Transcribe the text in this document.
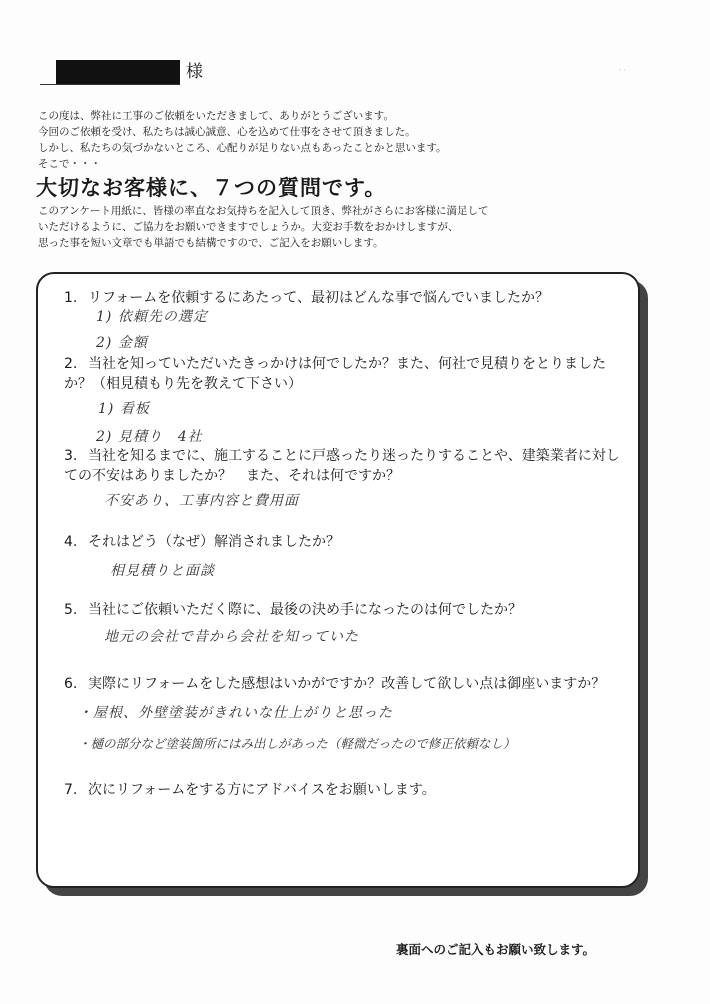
様	· ·
この度は、弊社に工事のご依頼をいただきまして、ありがとうございます。
今回のご依頼を受け、私たちは誠心誠意、心を込めて仕事をさせて頂きました。
しかし、私たちの気づかないところ、心配りが足りない点もあったことかと思います。
そこで・・・
大切なお客様に、７つの質問です。
このアンケート用紙に、皆様の率直なお気持ちを記入して頂き、弊社がさらにお客様に満足して
いただけるように、ご協力をお願いできますでしょうか。大変お手数をおかけしますが、
思った事を短い文章でも単語でも結構ですので、ご記入をお願いします。
1. リフォームを依頼するにあたって、最初はどんな事で悩んでいましたか？
1) 依頼先の選定
2) 金額
2. 当社を知っていただいたきっかけは何でしたか？また、何社で見積りをとりましたか？（相見積もり先を教えて下さい）
1) 看板
2) 見積り　4社
3. 当社を知るまでに、施工することに戸惑ったり迷ったりすることや、建築業者に対しての不安はありましたか？　また、それは何ですか？
不安あり、工事内容と費用面
4. それはどう（なぜ）解消されましたか？
相見積りと面談
5. 当社にご依頼いただく際に、最後の決め手になったのは何でしたか？
地元の会社で昔から会社を知っていた
6. 実際にリフォームをした感想はいかがですか？改善して欲しい点は御座いますか？
・屋根、外壁塗装がきれいな仕上がりと思った
・樋の部分など塗装箇所にはみ出しがあった（軽微だったので修正依頼なし）
7. 次にリフォームをする方にアドバイスをお願いします。
裏面へのご記入もお願い致します。
